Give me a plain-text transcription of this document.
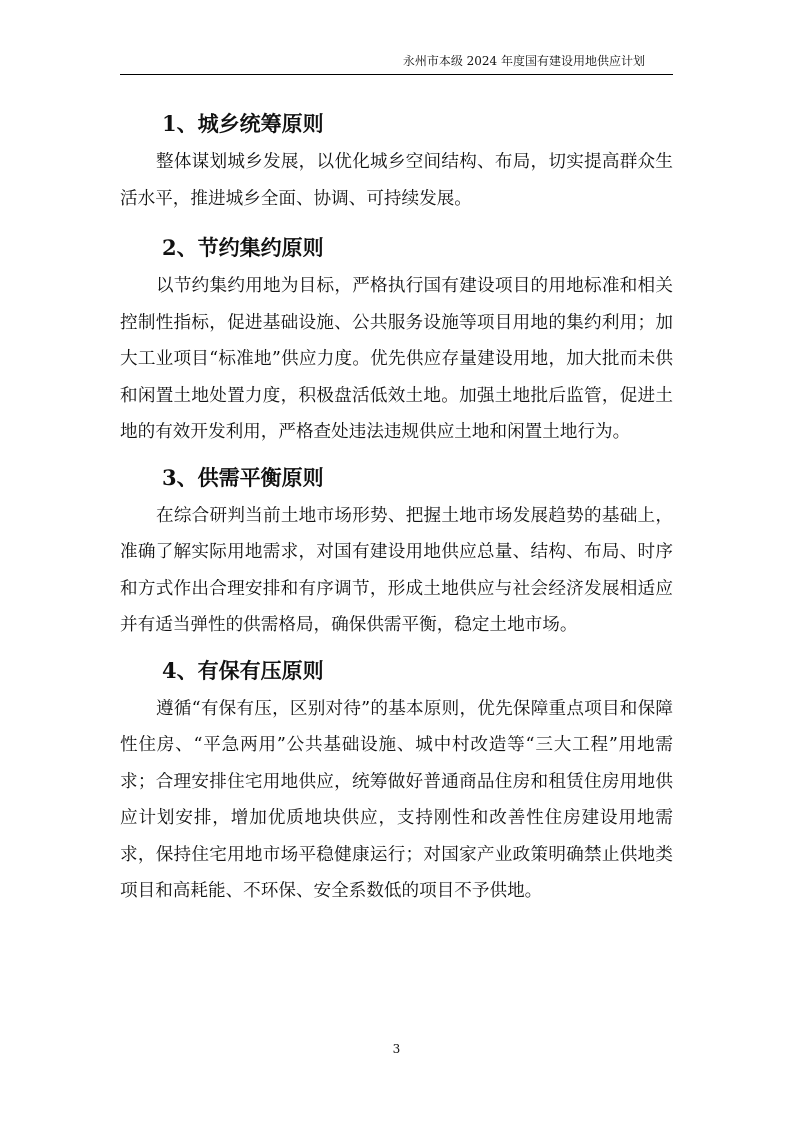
永州市本级 2024 年度国有建设用地供应计划
1、城乡统筹原则

整体谋划城乡发展，以优化城乡空间结构、布局，切实提高群众生活水平，推进城乡全面、协调、可持续发展。

2、节约集约原则

以节约集约用地为目标，严格执行国有建设项目的用地标准和相关控制性指标，促进基础设施、公共服务设施等项目用地的集约利用；加大工业项目“标准地”供应力度。优先供应存量建设用地，加大批而未供和闲置土地处置力度，积极盘活低效土地。加强土地批后监管，促进土地的有效开发利用，严格查处违法违规供应土地和闲置土地行为。

3、供需平衡原则

在综合研判当前土地市场形势、把握土地市场发展趋势的基础上，准确了解实际用地需求，对国有建设用地供应总量、结构、布局、时序和方式作出合理安排和有序调节，形成土地供应与社会经济发展相适应并有适当弹性的供需格局，确保供需平衡，稳定土地市场。

4、有保有压原则

遵循“有保有压，区别对待”的基本原则，优先保障重点项目和保障性住房、“平急两用”公共基础设施、城中村改造等“三大工程”用地需求；合理安排住宅用地供应，统筹做好普通商品住房和租赁住房用地供应计划安排，增加优质地块供应，支持刚性和改善性住房建设用地需求，保持住宅用地市场平稳健康运行；对国家产业政策明确禁止供地类项目和高耗能、不环保、安全系数低的项目不予供地。

3
